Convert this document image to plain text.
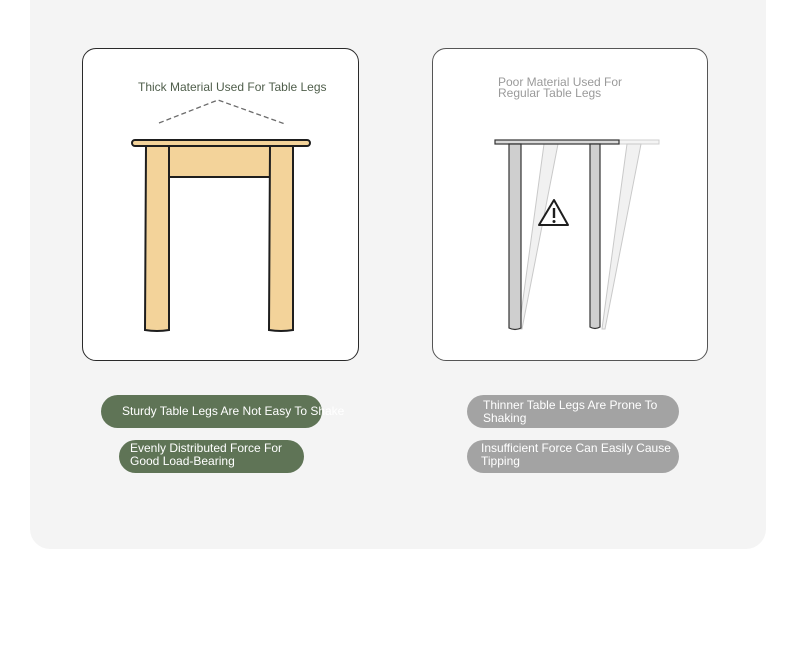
Thick Material Used For Table Legs	Poor Material Used For Regular Table Legs
Sturdy Table Legs Are Not Easy To Shake
Evenly Distributed Force For Good Load-Bearing
Thinner Table Legs Are Prone To Shaking
Insufficient Force Can Easily Cause Tipping
